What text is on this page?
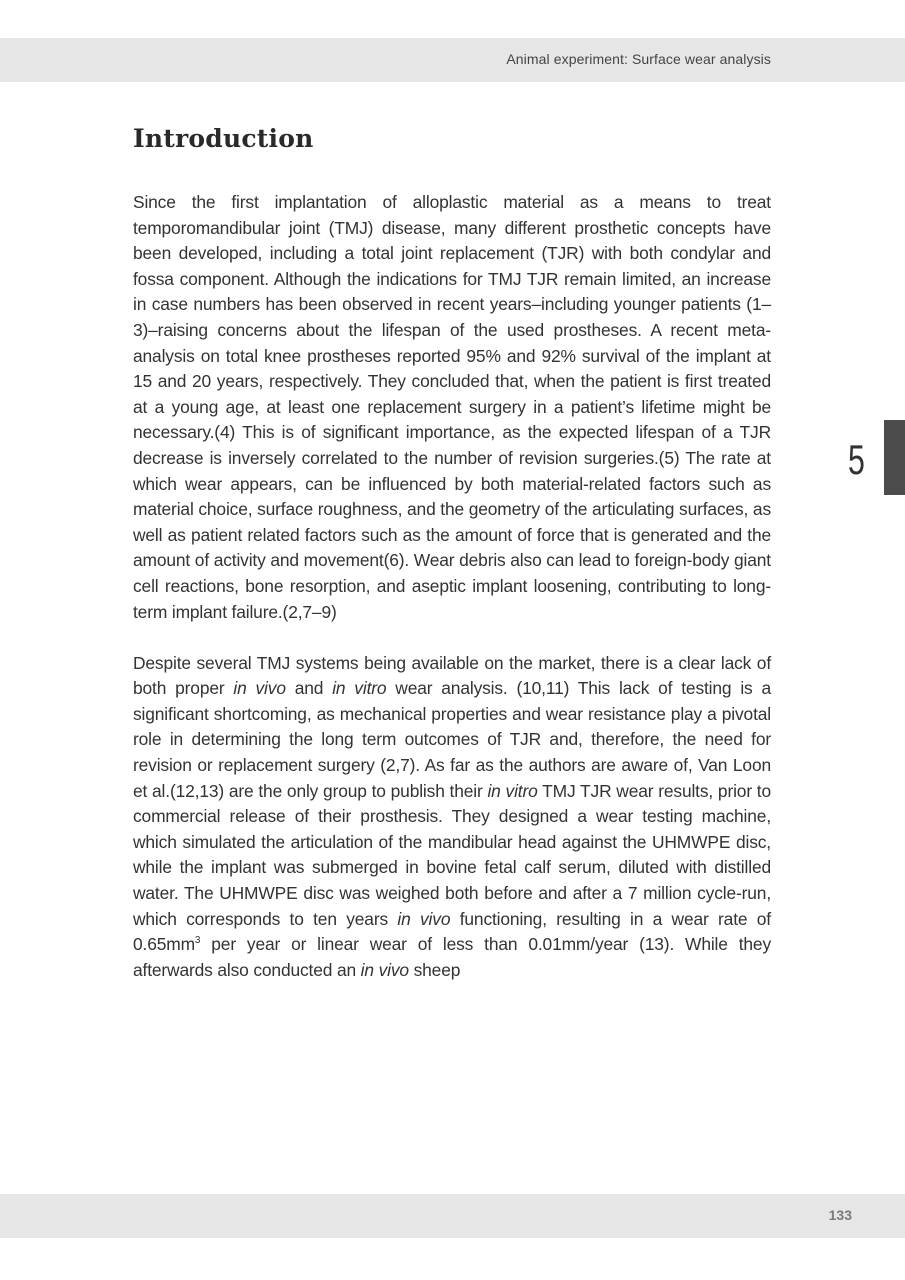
Animal experiment: Surface wear analysis
Introduction

Since the first implantation of alloplastic material as a means to treat temporomandibular joint (TMJ) disease, many different prosthetic concepts have been developed, including a total joint replacement (TJR) with both condylar and fossa component. Although the indications for TMJ TJR remain limited, an increase in case numbers has been observed in recent years–including younger patients (1–3)–raising concerns about the lifespan of the used prostheses. A recent meta-analysis on total knee prostheses reported 95% and 92% survival of the implant at 15 and 20 years, respectively. They concluded that, when the patient is first treated at a young age, at least one replacement surgery in a patient’s lifetime might be necessary.(4) This is of significant importance, as the expected lifespan of a TJR decrease is inversely correlated to the number of revision surgeries.(5) The rate at which wear appears, can be influenced by both material-related factors such as material choice, surface roughness, and the geometry of the articulating surfaces, as well as patient related factors such as the amount of force that is generated and the amount of activity and movement(6). Wear debris also can lead to foreign-body giant cell reactions, bone resorption, and aseptic implant loosening, contributing to long-term implant failure.(2,7–9)

Despite several TMJ systems being available on the market, there is a clear lack of both proper in vivo and in vitro wear analysis. (10,11) This lack of testing is a significant shortcoming, as mechanical properties and wear resistance play a pivotal role in determining the long term outcomes of TJR and, therefore, the need for revision or replacement surgery (2,7). As far as the authors are aware of, Van Loon et al.(12,13) are the only group to publish their in vitro TMJ TJR wear results, prior to commercial release of their prosthesis. They designed a wear testing machine, which simulated the articulation of the mandibular head against the UHMWPE disc, while the implant was submerged in bovine fetal calf serum, diluted with distilled water. The UHMWPE disc was weighed both before and after a 7 million cycle-run, which corresponds to ten years in vivo functioning, resulting in a wear rate of $0.65mm^3$ per year or linear wear of less than 0.01mm/year (13). While they afterwards also conducted an in vivo sheep

5
133
